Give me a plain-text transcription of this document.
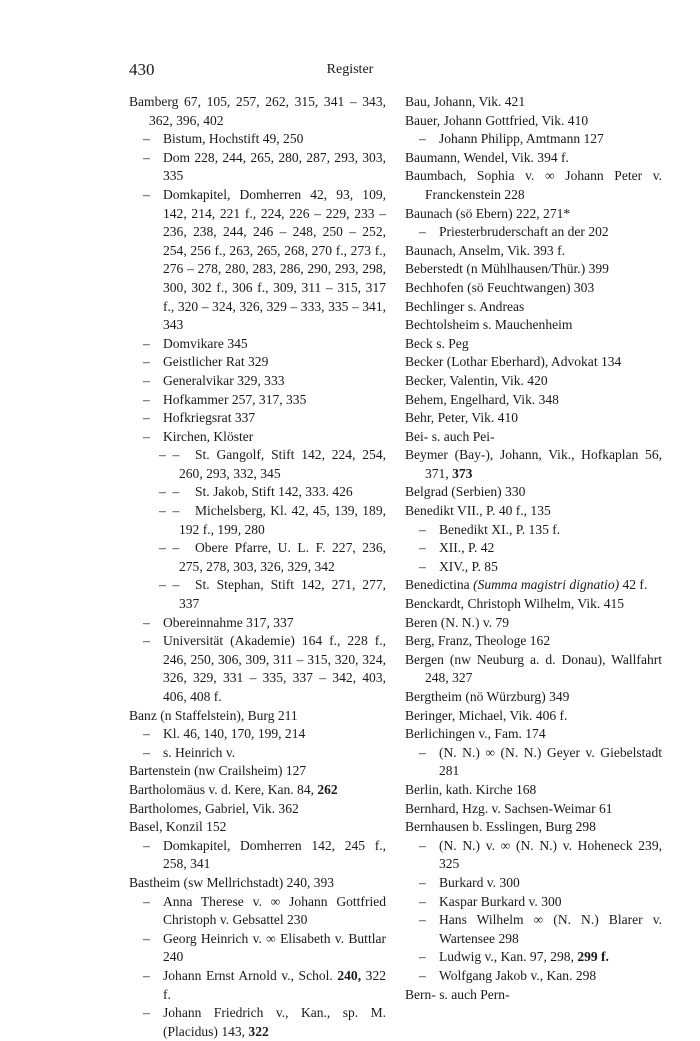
430	Register

Bamberg 67, 105, 257, 262, 315, 341 – 343, 362, 396, 402

– Bistum, Hochstift 49, 250

– Dom 228, 244, 265, 280, 287, 293, 303, 335

– Domkapitel, Domherren 42, 93, 109, 142, 214, 221 f., 224, 226 – 229, 233 – 236, 238, 244, 246 – 248, 250 – 252, 254, 256 f., 263, 265, 268, 270 f., 273 f., 276 – 278, 280, 283, 286, 290, 293, 298, 300, 302 f., 306 f., 309, 311 – 315, 317 f., 320 – 324, 326, 329 – 333, 335 – 341, 343

– Domvikare 345

– Geistlicher Rat 329

– Generalvikar 329, 333

– Hofkammer 257, 317, 335

– Hofkriegsrat 337

– Kirchen, Klöster

– – St. Gangolf, Stift 142, 224, 254, 260, 293, 332, 345

– – St. Jakob, Stift 142, 333. 426

– – Michelsberg, Kl. 42, 45, 139, 189, 192 f., 199, 280

– – Obere Pfarre, U. L. F. 227, 236, 275, 278, 303, 326, 329, 342

– – St. Stephan, Stift 142, 271, 277, 337

– Obereinnahme 317, 337

– Universität (Akademie) 164 f., 228 f., 246, 250, 306, 309, 311 – 315, 320, 324, 326, 329, 331 – 335, 337 – 342, 403, 406, 408 f.

Banz (n Staffelstein), Burg 211

– Kl. 46, 140, 170, 199, 214

– s. Heinrich v.

Bartenstein (nw Crailsheim) 127

Bartholomäus v. d. Kere, Kan. 84, 262

Bartholomes, Gabriel, Vik. 362

Basel, Konzil 152

– Domkapitel, Domherren 142, 245 f., 258, 341

Bastheim (sw Mellrichstadt) 240, 393

– Anna Therese v. ∞ Johann Gottfried Christoph v. Gebsattel 230

– Georg Heinrich v. ∞ Elisabeth v. Buttlar 240

– Johann Ernst Arnold v., Schol. 240, 322 f.

– Johann Friedrich v., Kan., sp. M. (Placidus) 143, 322

Bau, Johann, Vik. 421

Bauer, Johann Gottfried, Vik. 410

– Johann Philipp, Amtmann 127

Baumann, Wendel, Vik. 394 f.

Baumbach, Sophia v. ∞ Johann Peter v. Franckenstein 228

Baunach (sö Ebern) 222, 271*

– Priesterbruderschaft an der 202

Baunach, Anselm, Vik. 393 f.

Beberstedt (n Mühlhausen/Thür.) 399

Bechhofen (sö Feuchtwangen) 303

Bechlinger s. Andreas

Bechtolsheim s. Mauchenheim

Beck s. Peg

Becker (Lothar Eberhard), Advokat 134

Becker, Valentin, Vik. 420

Behem, Engelhard, Vik. 348

Behr, Peter, Vik. 410

Bei- s. auch Pei-

Beymer (Bay-), Johann, Vik., Hofkaplan 56, 371, 373

Belgrad (Serbien) 330

Benedikt VII., P. 40 f., 135

– Benedikt XI., P. 135 f.

– XII., P. 42

– XIV., P. 85

Benedictina (Summa magistri dignatio) 42 f.

Benckardt, Christoph Wilhelm, Vik. 415

Beren (N. N.) v. 79

Berg, Franz, Theologe 162

Bergen (nw Neuburg a. d. Donau), Wallfahrt 248, 327

Bergtheim (nö Würzburg) 349

Beringer, Michael, Vik. 406 f.

Berlichingen v., Fam. 174

– (N. N.) ∞ (N. N.) Geyer v. Giebelstadt 281

Berlin, kath. Kirche 168

Bernhard, Hzg. v. Sachsen-Weimar 61

Bernhausen b. Esslingen, Burg 298

– (N. N.) v. ∞ (N. N.) v. Hoheneck 239, 325

– Burkard v. 300

– Kaspar Burkard v. 300

– Hans Wilhelm ∞ (N. N.) Blarer v. Wartensee 298

– Ludwig v., Kan. 97, 298, 299 f.

– Wolfgang Jakob v., Kan. 298

Bern- s. auch Pern-
